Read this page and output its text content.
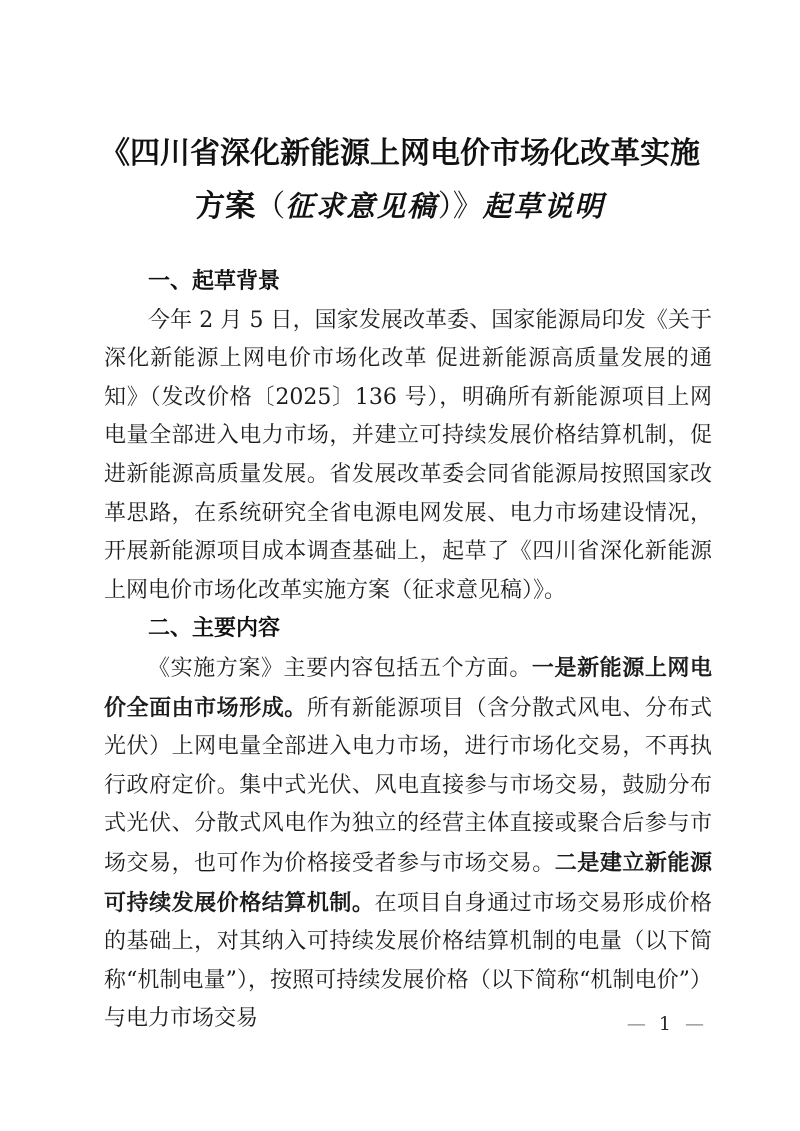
《四川省深化新能源上网电价市场化改革实施
方案（征求意见稿）》起草说明
一、起草背景

今年 2 月 5 日，国家发展改革委、国家能源局印发《关于深化新能源上网电价市场化改革 促进新能源高质量发展的通知》（发改价格〔2025〕136 号），明确所有新能源项目上网电量全部进入电力市场，并建立可持续发展价格结算机制，促进新能源高质量发展。省发展改革委会同省能源局按照国家改革思路，在系统研究全省电源电网发展、电力市场建设情况，开展新能源项目成本调查基础上，起草了《四川省深化新能源上网电价市场化改革实施方案（征求意见稿）》。

二、主要内容

《实施方案》主要内容包括五个方面。一是新能源上网电价全面由市场形成。所有新能源项目（含分散式风电、分布式光伏）上网电量全部进入电力市场，进行市场化交易，不再执行政府定价。集中式光伏、风电直接参与市场交易，鼓励分布式光伏、分散式风电作为独立的经营主体直接或聚合后参与市场交易，也可作为价格接受者参与市场交易。二是建立新能源可持续发展价格结算机制。在项目自身通过市场交易形成价格的基础上，对其纳入可持续发展价格结算机制的电量（以下简称“机制电量”），按照可持续发展价格（以下简称“机制电价”）与电力市场交易	— 1 —
